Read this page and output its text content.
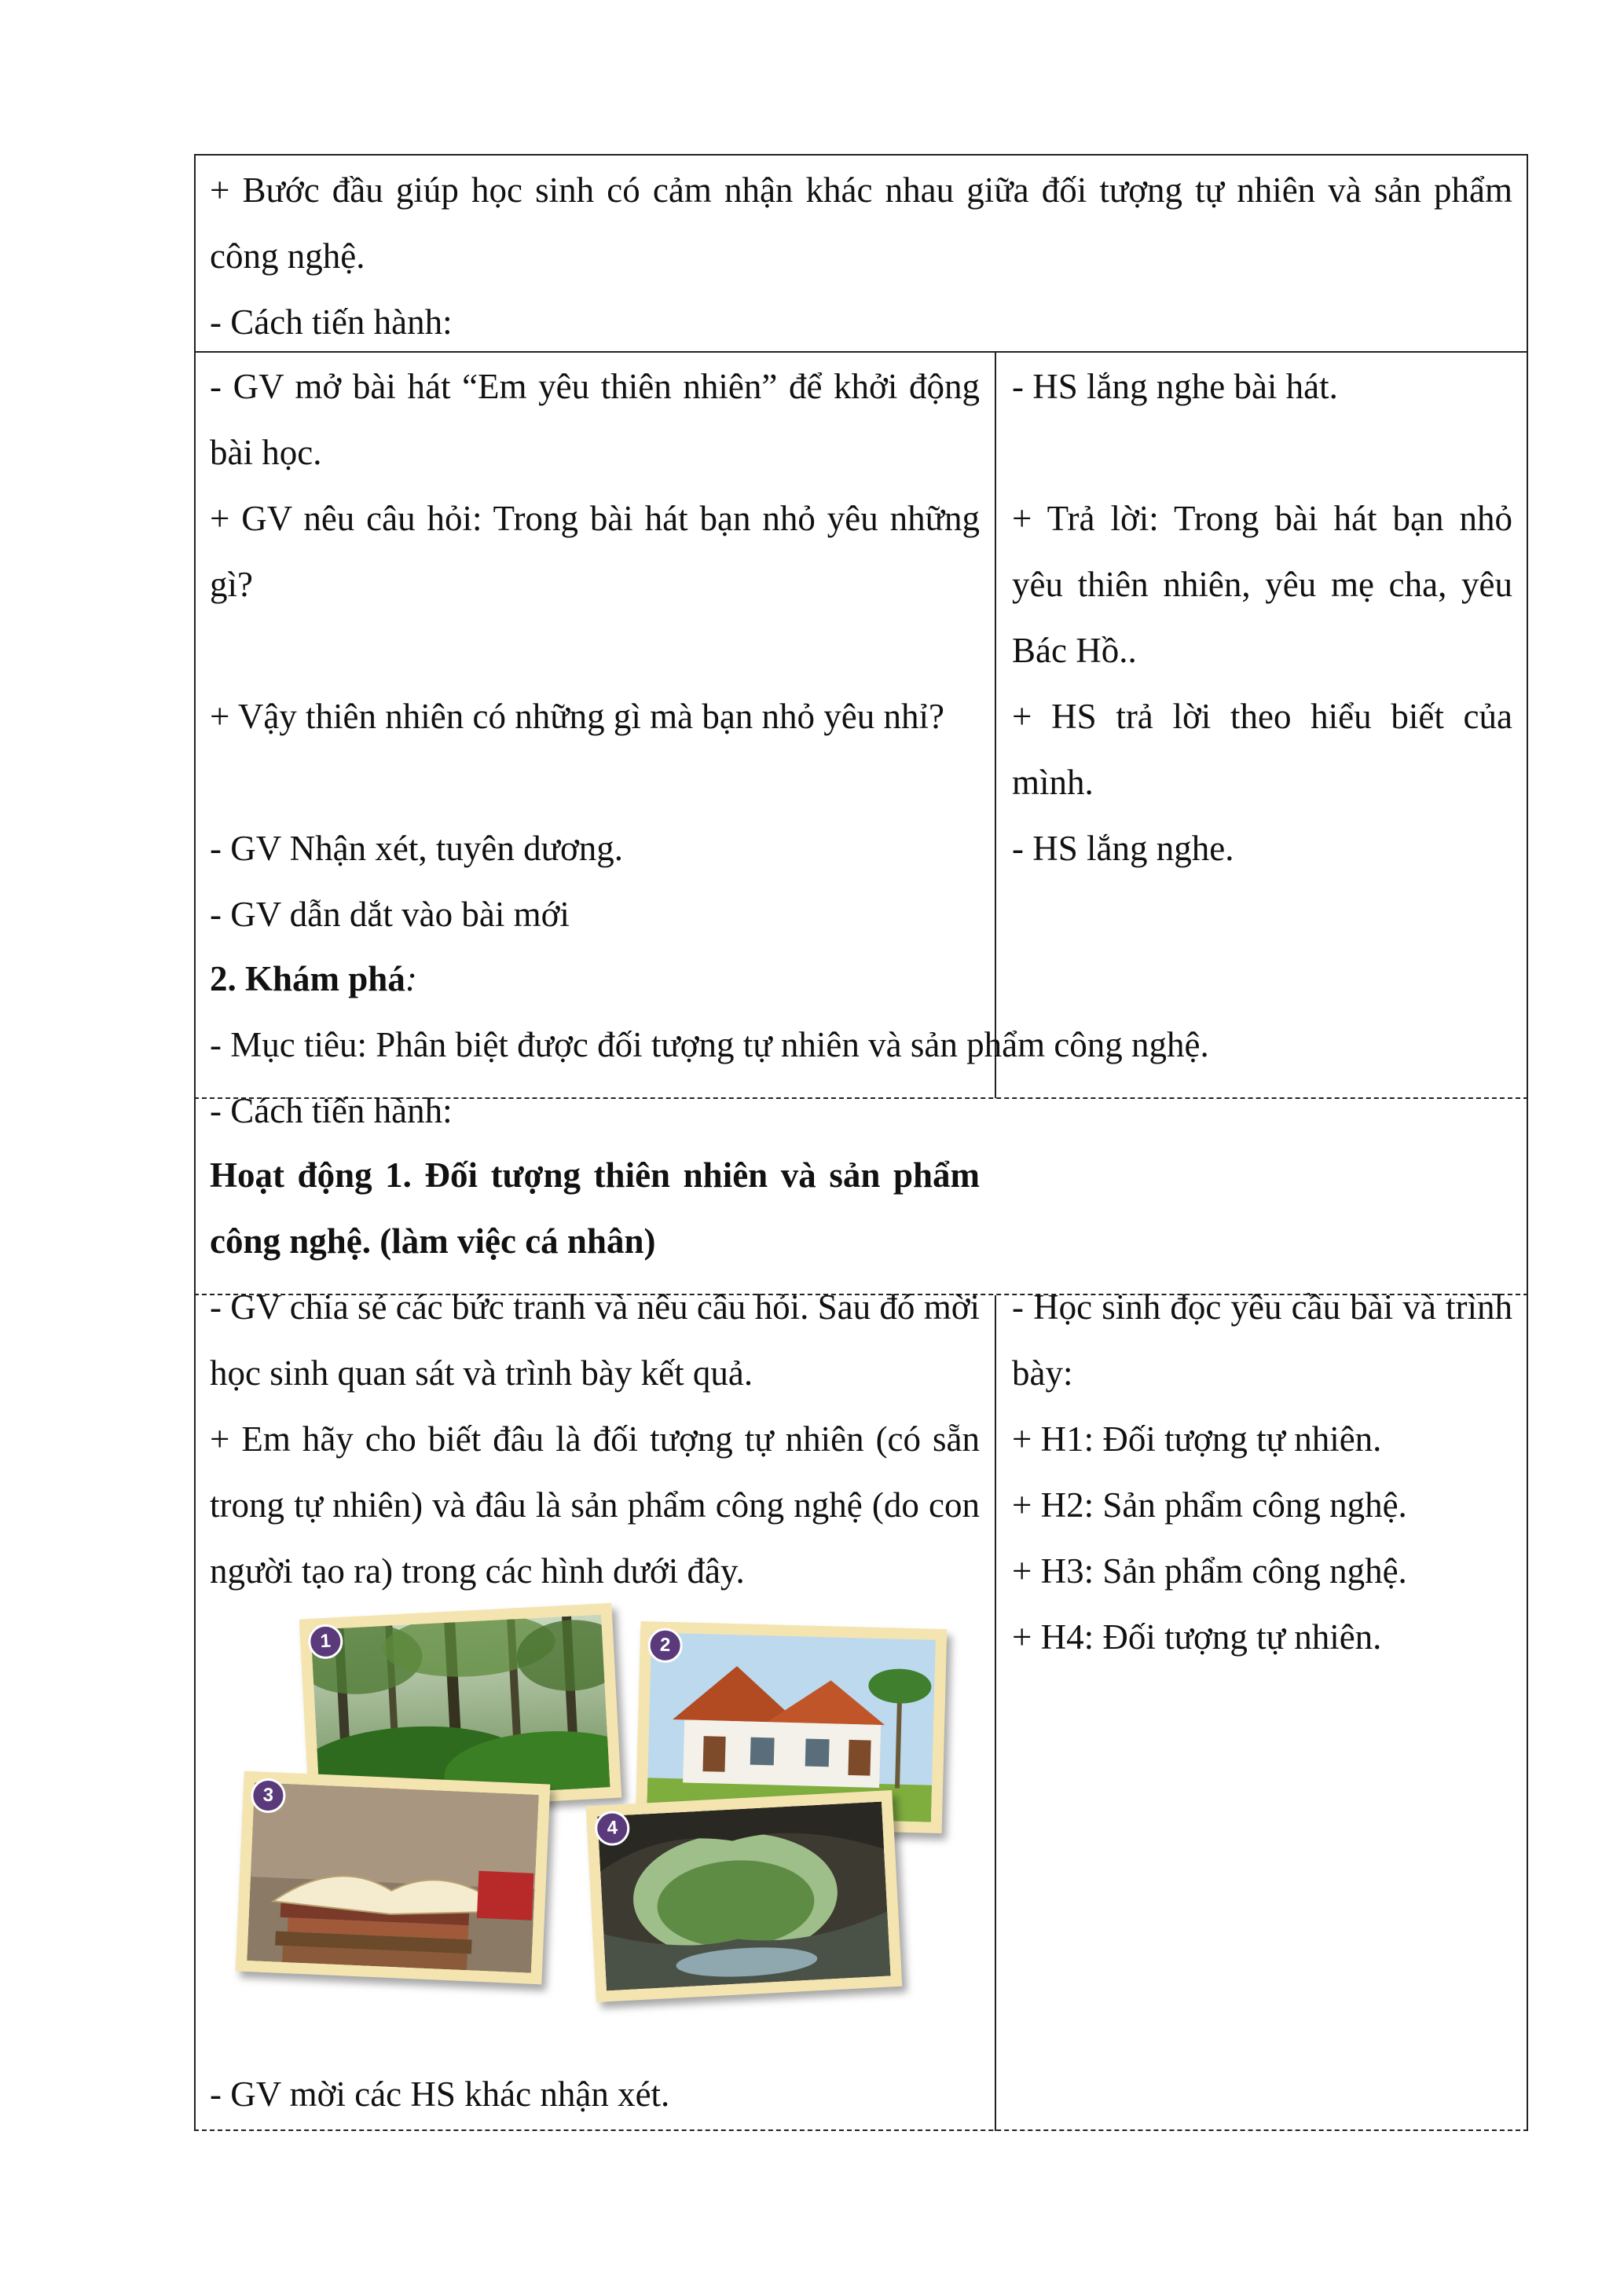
+ Bước đầu giúp học sinh có cảm nhận khác nhau giữa đối tượng tự nhiên và sản phẩm công nghệ.

- Cách tiến hành:

- GV mở bài hát “Em yêu thiên nhiên” để khởi động bài học.

+ GV nêu câu hỏi: Trong bài hát bạn nhỏ yêu những gì?

+ Vậy thiên nhiên có những gì mà bạn nhỏ yêu nhỉ?

- GV Nhận xét, tuyên dương.

- GV dẫn dắt vào bài mới

- HS lắng nghe bài hát.

+ Trả lời: Trong bài hát bạn nhỏ yêu thiên nhiên, yêu mẹ cha, yêu Bác Hồ..

+ HS trả lời theo hiểu biết của mình.

- HS lắng nghe.

2. Khám phá:

- Mục tiêu: Phân biệt được đối tượng tự nhiên và sản phẩm công nghệ.

- Cách tiến hành:

Hoạt động 1. Đối tượng thiên nhiên và sản phẩm công nghệ. (làm việc cá nhân)

- GV chia sẻ các bức tranh và nêu câu hỏi. Sau đó mời học sinh quan sát và trình bày kết quả.

+ Em hãy cho biết đâu là đối tượng tự nhiên (có sẵn trong tự nhiên) và đâu là sản phẩm công nghệ (do con người tạo ra) trong các hình dưới đây.

- GV mời các HS khác nhận xét.

- Học sinh đọc yêu cầu bài và trình bày:

+ H1: Đối tượng tự nhiên.

+ H2: Sản phẩm công nghệ.

+ H3: Sản phẩm công nghệ.

+ H4: Đối tượng tự nhiên.

1	2
3
4
